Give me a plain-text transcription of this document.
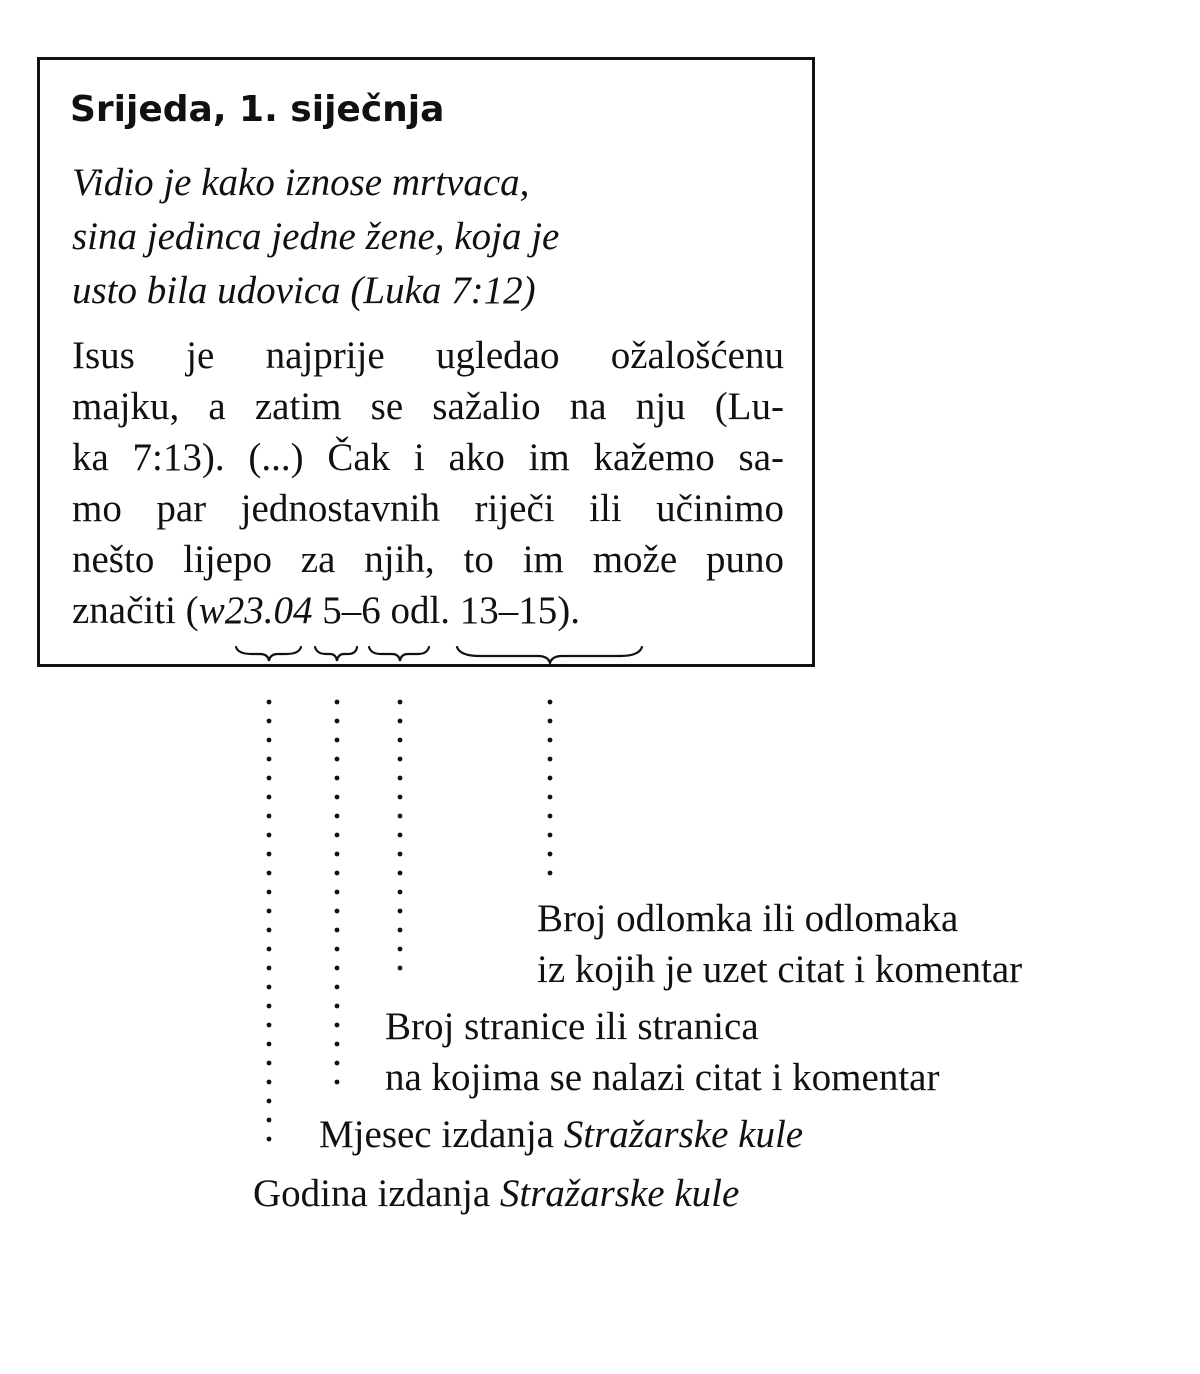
Srijeda, 1. siječnja
Vidio je kako iznose mrtvaca,
sina jedinca jedne žene, koja je
usto bila udovica (Luka 7:12)
Isus je najprije ugledao ožalošćenu
majku, a zatim se sažalio na nju (Lu-
ka 7:13). (...) Čak i ako im kažemo sa-
mo par jednostavnih riječi ili učinimo
nešto lijepo za njih, to im može puno
značiti (w23.04 5–6 odl. 13–15).
Broj odlomka ili odlomaka
iz kojih je uzet citat i komentar
Broj stranice ili stranica
na kojima se nalazi citat i komentar
Mjesec izdanja Stražarske kule
Godina izdanja Stražarske kule
